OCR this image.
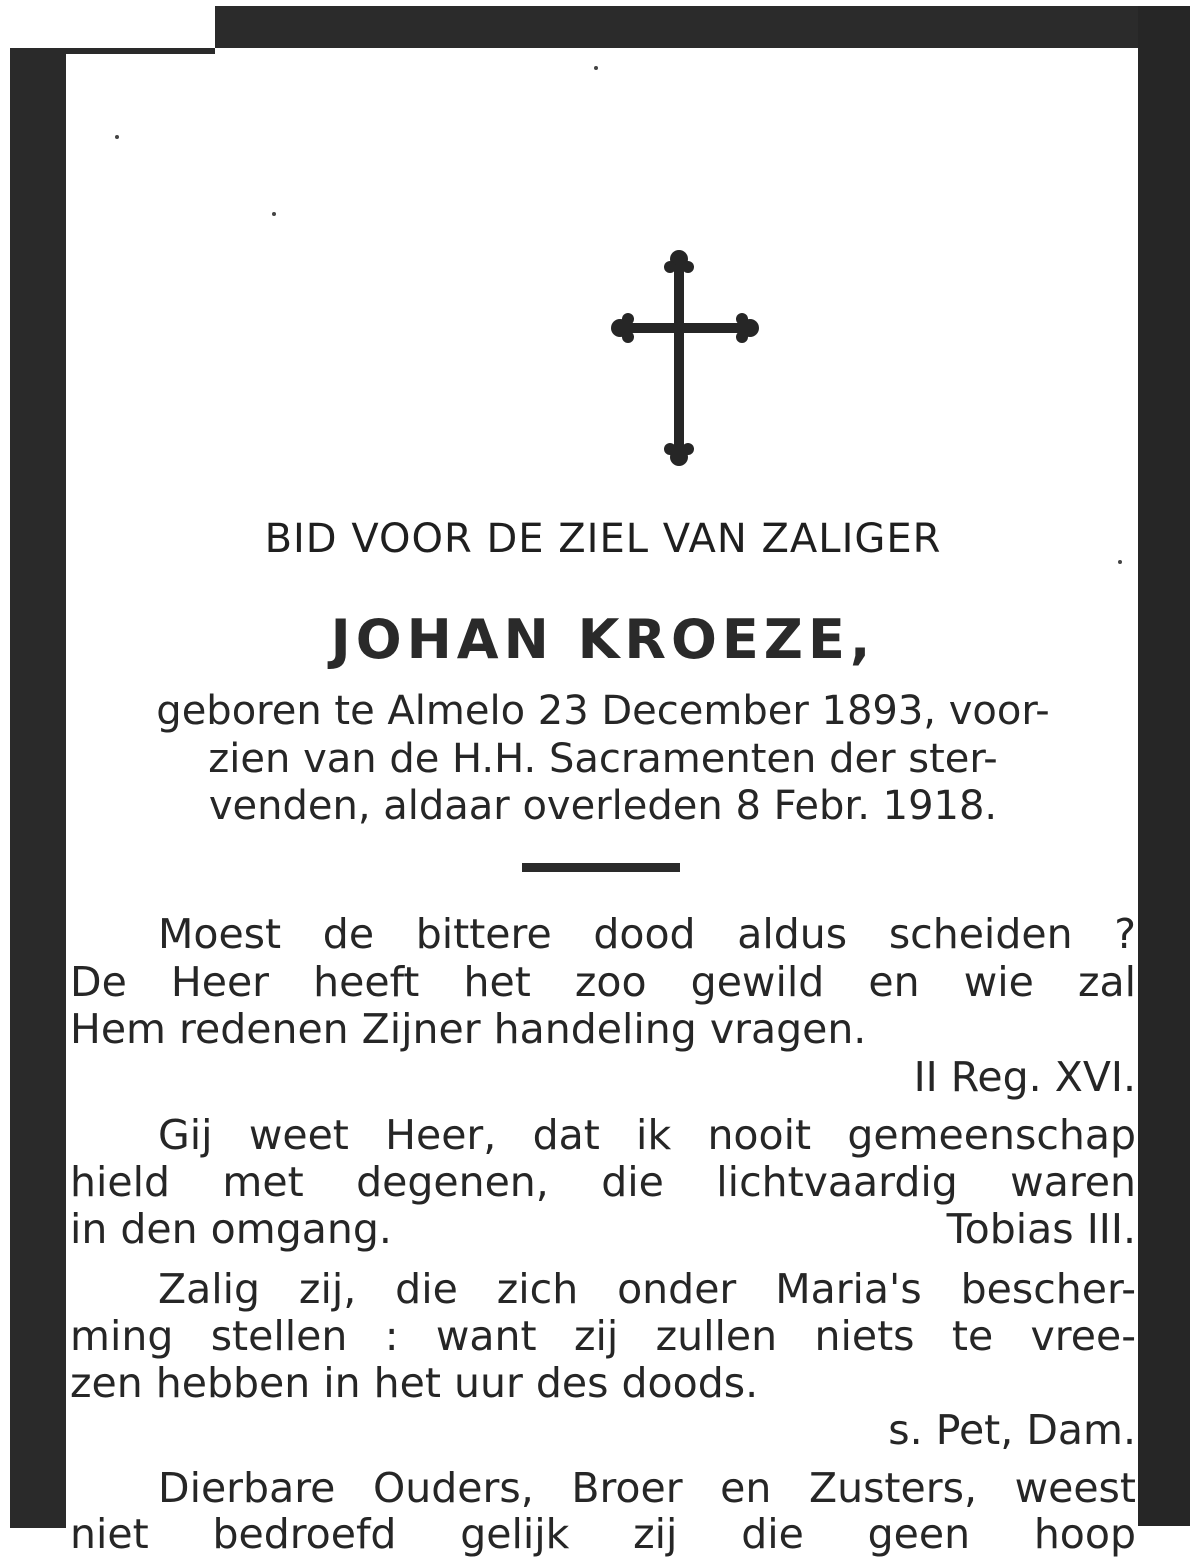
BID VOOR DE ZIEL VAN ZALIGER
JOHAN KROEZE,

geboren te Almelo 23 December 1893, voor-

zien van de H.H. Sacramenten der ster-

venden, aldaar overleden 8 Febr. 1918.

Moest de bittere dood aldus scheiden ?

De Heer heeft het zoo gewild en wie zal

Hem redenen Zijner handeling vragen.

II Reg. XVI.

Gij weet Heer, dat ik nooit gemeenschap

hield met degenen, die lichtvaardig waren

in den omgang.	Tobias III.

Zalig zij, die zich onder Maria's bescher-

ming stellen : want zij zullen niets te vree-

zen hebben in het uur des doods.

s. Pet, Dam.

Dierbare Ouders, Broer en Zusters, weest

niet bedroefd gelijk zij die geen hoop
